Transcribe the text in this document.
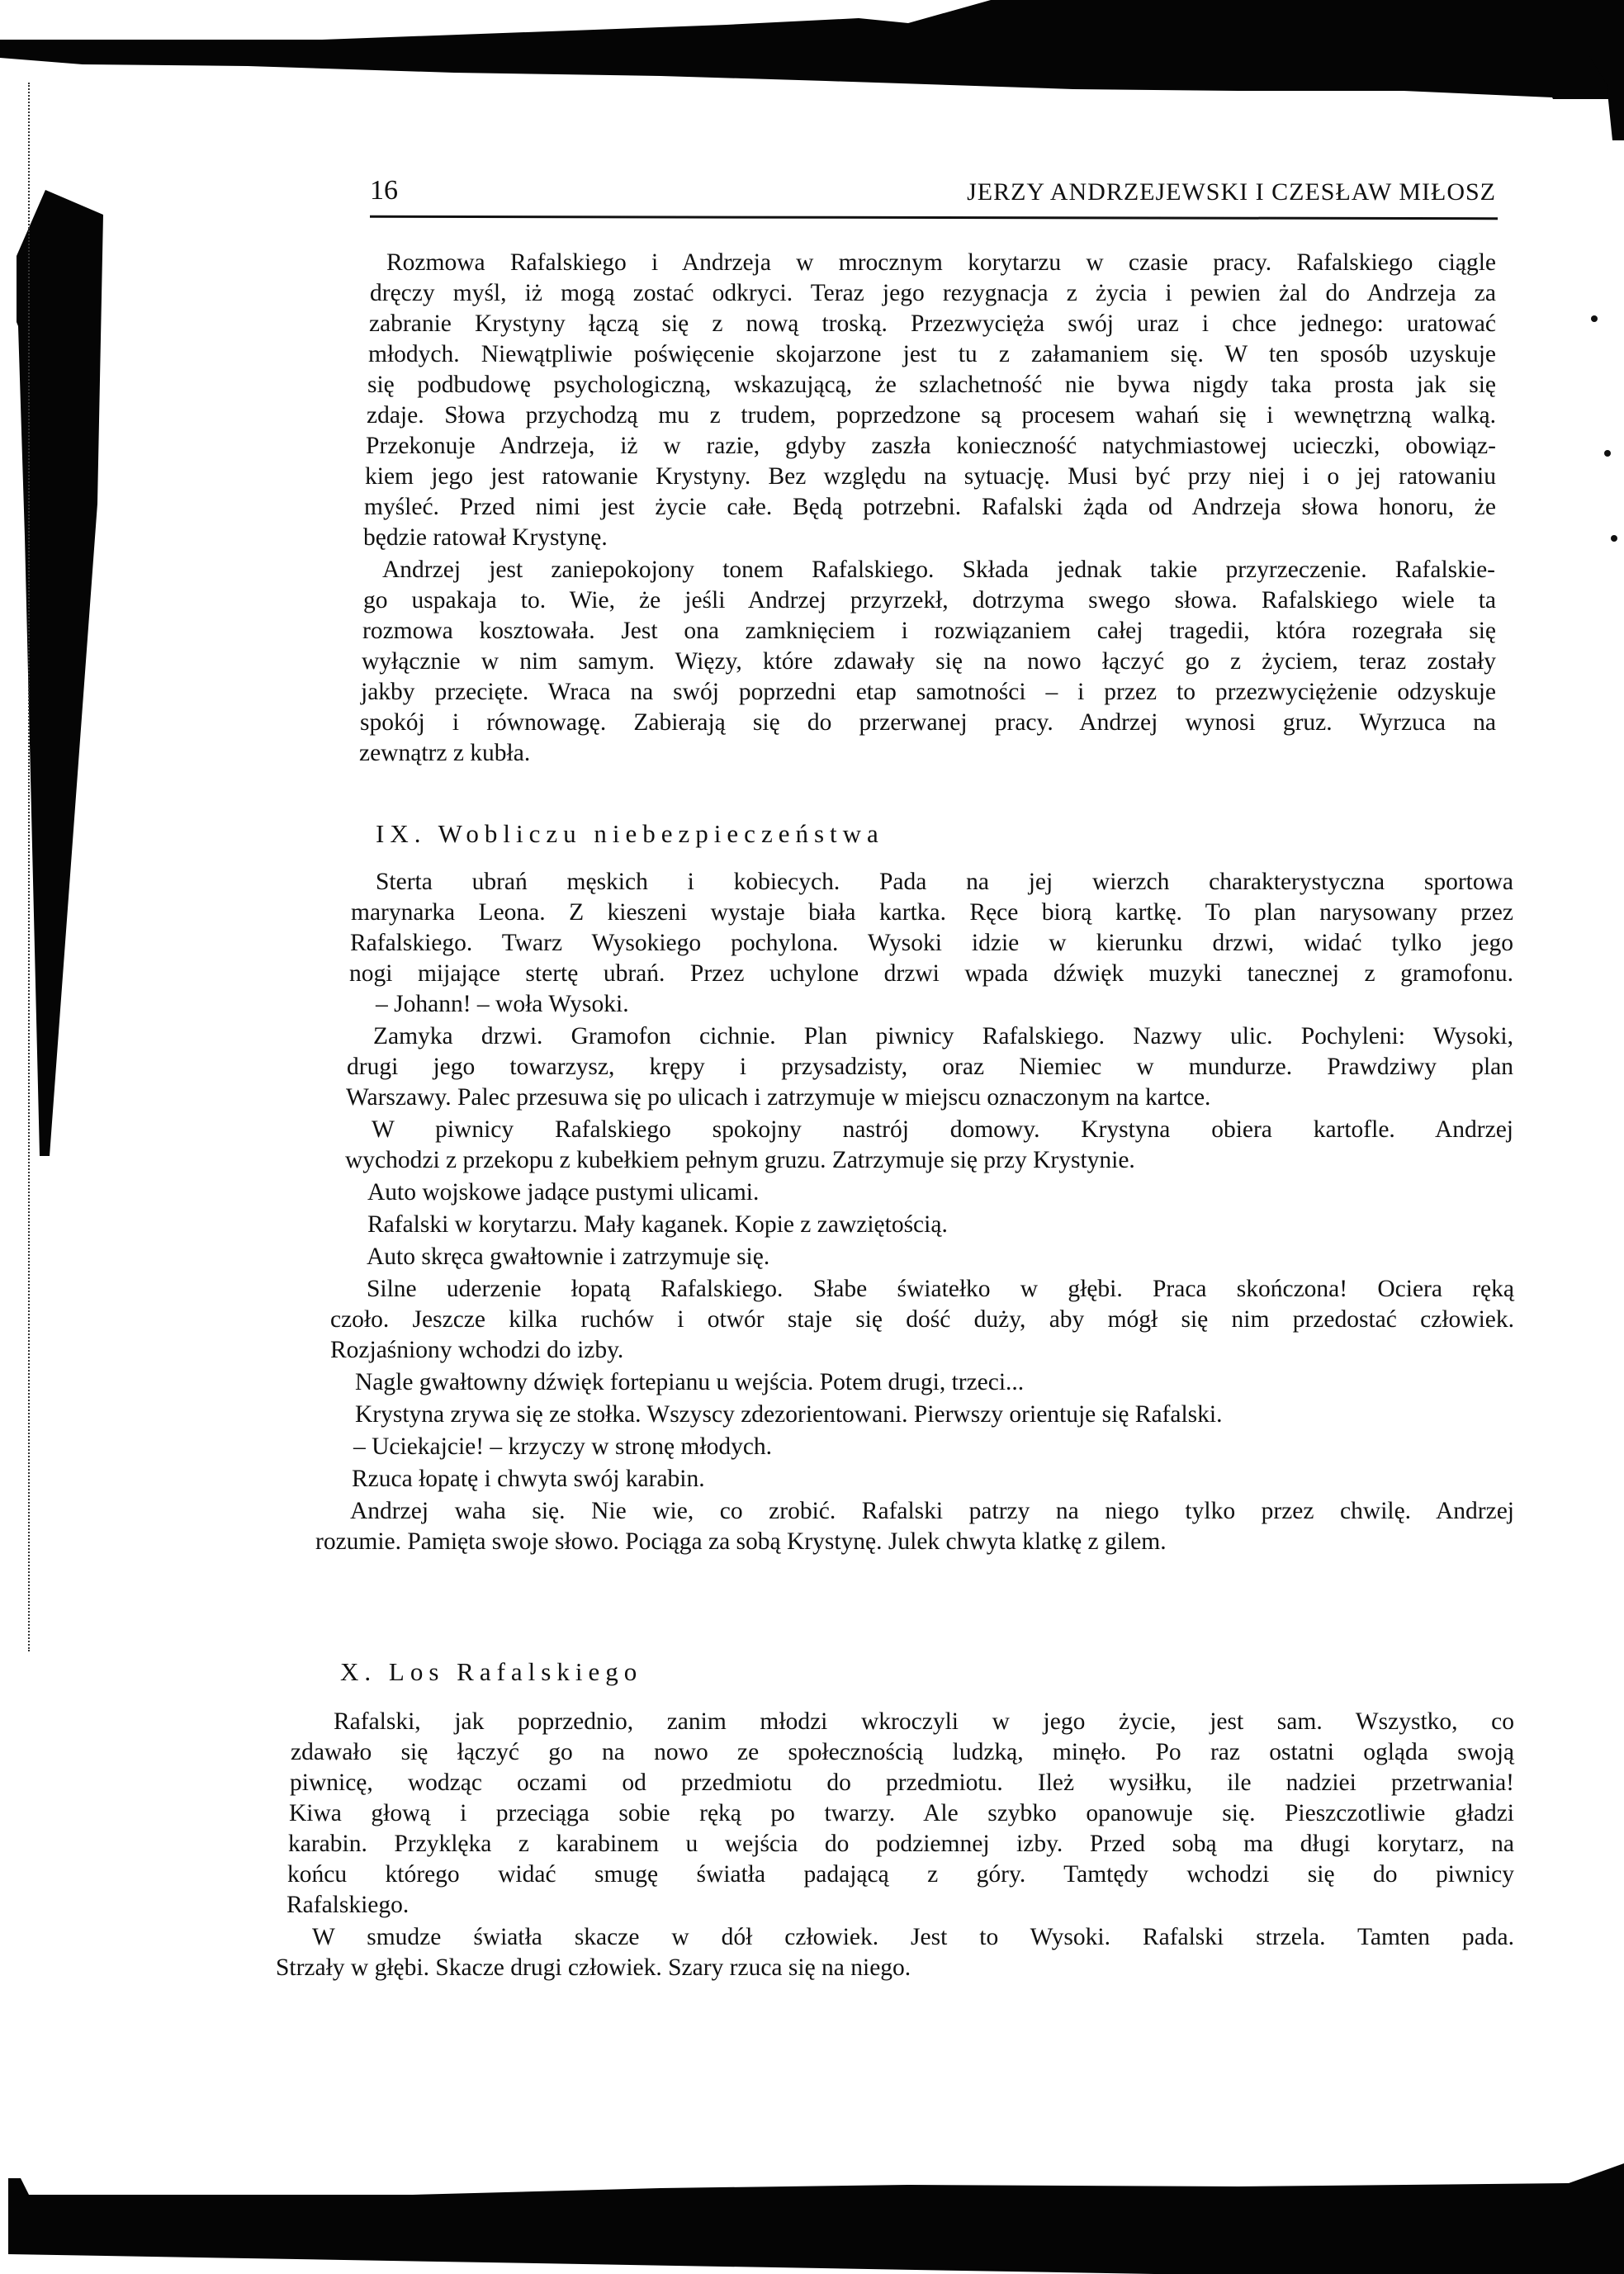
16	JERZY ANDRZEJEWSKI I CZESŁAW MIŁOSZ
Rozmowa Rafalskiego i Andrzeja w mrocznym korytarzu w czasie pracy. Rafalskiego ciągle
dręczy myśl, iż mogą zostać odkryci. Teraz jego rezygnacja z życia i pewien żal do Andrzeja za
zabranie Krystyny łączą się z nową troską. Przezwycięża swój uraz i chce jednego: uratować
młodych. Niewątpliwie poświęcenie skojarzone jest tu z załamaniem się. W ten sposób uzyskuje
się podbudowę psychologiczną, wskazującą, że szlachetność nie bywa nigdy taka prosta jak się
zdaje. Słowa przychodzą mu z trudem, poprzedzone są procesem wahań się i wewnętrzną walką.
Przekonuje Andrzeja, iż w razie, gdyby zaszła konieczność natychmiastowej ucieczki, obowiąz-
kiem jego jest ratowanie Krystyny. Bez względu na sytuację. Musi być przy niej i o jej ratowaniu
myśleć. Przed nimi jest życie całe. Będą potrzebni. Rafalski żąda od Andrzeja słowa honoru, że
będzie ratował Krystynę.
Andrzej jest zaniepokojony tonem Rafalskiego. Składa jednak takie przyrzeczenie. Rafalskie-
go uspakaja to. Wie, że jeśli Andrzej przyrzekł, dotrzyma swego słowa. Rafalskiego wiele ta
rozmowa kosztowała. Jest ona zamknięciem i rozwiązaniem całej tragedii, która rozegrała się
wyłącznie w nim samym. Więzy, które zdawały się na nowo łączyć go z życiem, teraz zostały
jakby przecięte. Wraca na swój poprzedni etap samotności – i przez to przezwyciężenie odzyskuje
spokój i równowagę. Zabierają się do przerwanej pracy. Andrzej wynosi gruz. Wyrzuca na
zewnątrz z kubła.
IX. Wobliczu niebezpieczeństwa
Sterta ubrań męskich i kobiecych. Pada na jej wierzch charakterystyczna sportowa
marynarka Leona. Z kieszeni wystaje biała kartka. Ręce biorą kartkę. To plan narysowany przez
Rafalskiego. Twarz Wysokiego pochylona. Wysoki idzie w kierunku drzwi, widać tylko jego
nogi mijające stertę ubrań. Przez uchylone drzwi wpada dźwięk muzyki tanecznej z gramofonu.
– Johann! – woła Wysoki.
Zamyka drzwi. Gramofon cichnie. Plan piwnicy Rafalskiego. Nazwy ulic. Pochyleni: Wysoki,
drugi jego towarzysz, krępy i przysadzisty, oraz Niemiec w mundurze. Prawdziwy plan
Warszawy. Palec przesuwa się po ulicach i zatrzymuje w miejscu oznaczonym na kartce.
W piwnicy Rafalskiego spokojny nastrój domowy. Krystyna obiera kartofle. Andrzej
wychodzi z przekopu z kubełkiem pełnym gruzu. Zatrzymuje się przy Krystynie.
Auto wojskowe jadące pustymi ulicami.
Rafalski w korytarzu. Mały kaganek. Kopie z zawziętością.
Auto skręca gwałtownie i zatrzymuje się.
Silne uderzenie łopatą Rafalskiego. Słabe światełko w głębi. Praca skończona! Ociera ręką
czoło. Jeszcze kilka ruchów i otwór staje się dość duży, aby mógł się nim przedostać człowiek.
Rozjaśniony wchodzi do izby.
Nagle gwałtowny dźwięk fortepianu u wejścia. Potem drugi, trzeci...
Krystyna zrywa się ze stołka. Wszyscy zdezorientowani. Pierwszy orientuje się Rafalski.
– Uciekajcie! – krzyczy w stronę młodych.
Rzuca łopatę i chwyta swój karabin.
Andrzej waha się. Nie wie, co zrobić. Rafalski patrzy na niego tylko przez chwilę. Andrzej
rozumie. Pamięta swoje słowo. Pociąga za sobą Krystynę. Julek chwyta klatkę z gilem.
X. Los Rafalskiego
Rafalski, jak poprzednio, zanim młodzi wkroczyli w jego życie, jest sam. Wszystko, co
zdawało się łączyć go na nowo ze społecznością ludzką, minęło. Po raz ostatni ogląda swoją
piwnicę, wodząc oczami od przedmiotu do przedmiotu. Ileż wysiłku, ile nadziei przetrwania!
Kiwa głową i przeciąga sobie ręką po twarzy. Ale szybko opanowuje się. Pieszczotliwie gładzi
karabin. Przyklęka z karabinem u wejścia do podziemnej izby. Przed sobą ma długi korytarz, na
końcu którego widać smugę światła padającą z góry. Tamtędy wchodzi się do piwnicy
Rafalskiego.
W smudze światła skacze w dół człowiek. Jest to Wysoki. Rafalski strzela. Tamten pada.
Strzały w głębi. Skacze drugi człowiek. Szary rzuca się na niego.
